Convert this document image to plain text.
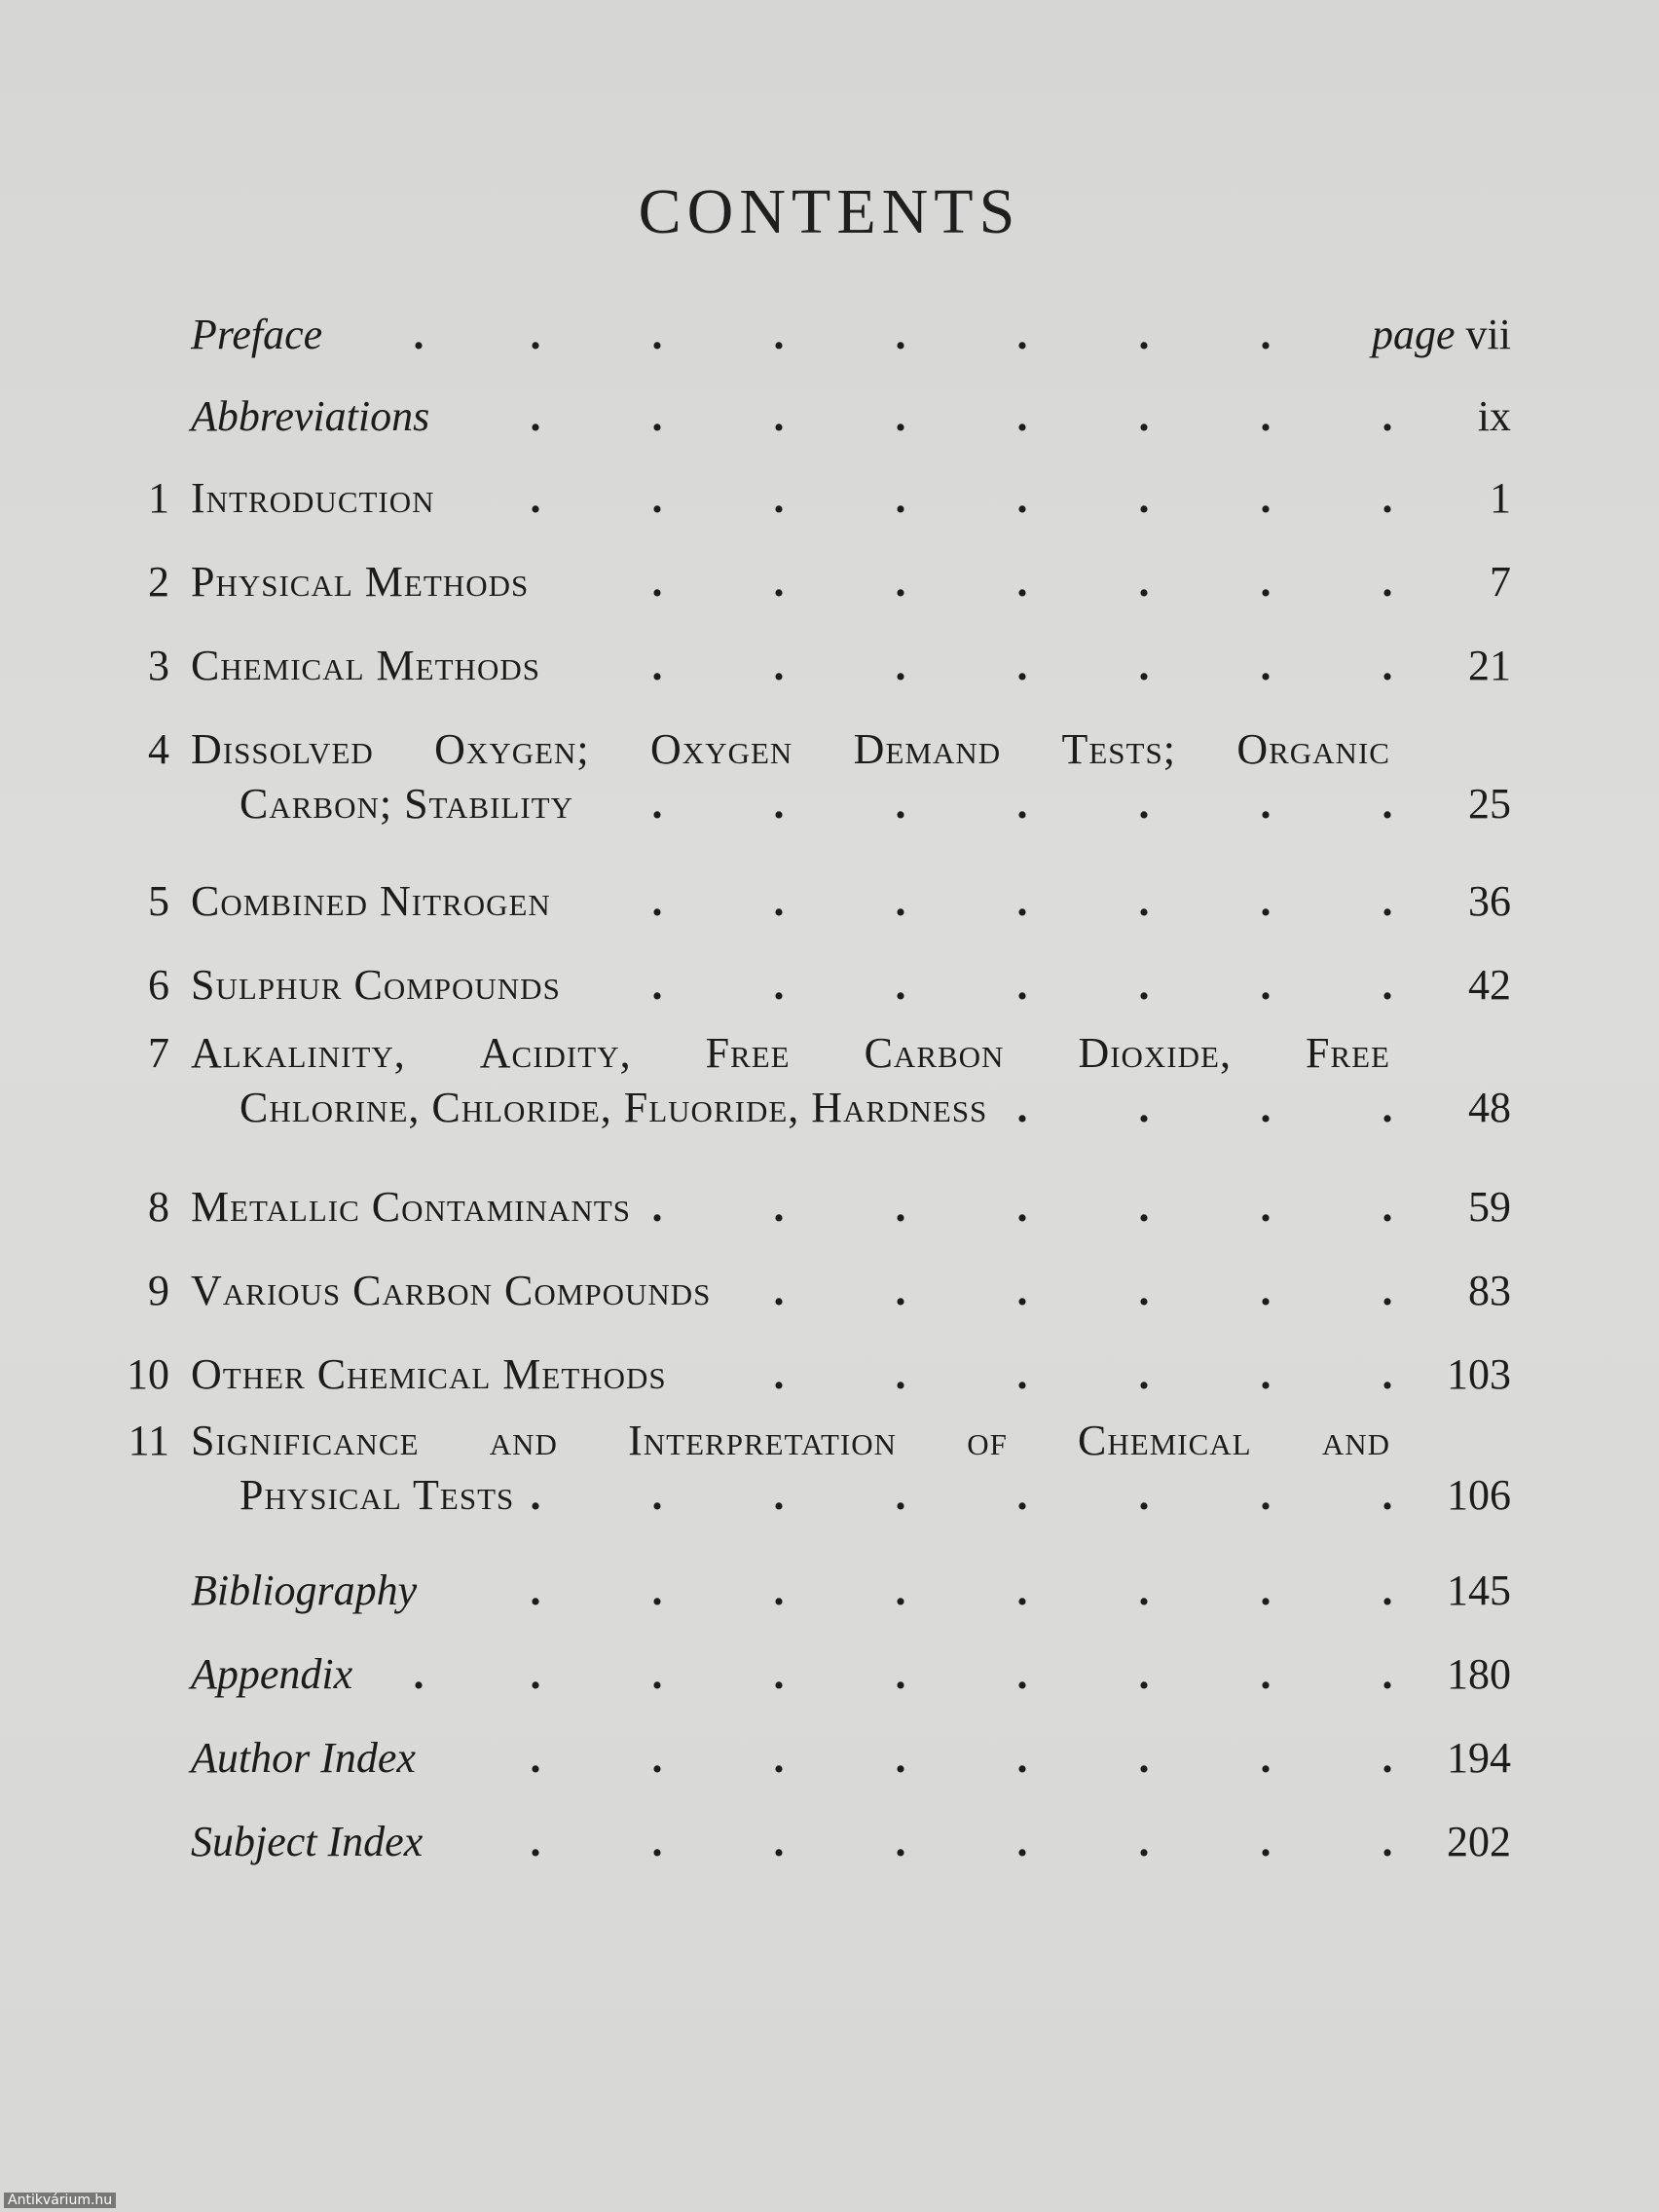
CONTENTS
Preface	page vii
. .	.	.	.	.	.	.
Abbreviations	ix
.	.	.	.	.	.	.	.
1 Introduction	1
.	.	.	.	.	.	.	.
2 Physical Methods	7
.	.	.	.	.	.	.
3 Chemical Methods	21
.	.	.	.	.	.	.
4 Dissolved Oxygen; Oxygen Demand Tests; Organic
Carbon; Stability	25
.	.	.	.	.	.	.
5 Combined Nitrogen	36
.	.	.	.	.	.	.
6 Sulphur Compounds	42
.	.	.	.	.	.	.
7 Alkalinity, Acidity, Free Carbon Dioxide, Free
Chlorine, Chloride, Fluoride, Hardness	48
.	.	.	.
8 Metallic Contaminants	59
.	.	.	.	.	.	.
9 Various Carbon Compounds	83
.	.	.	.	.	.
10 Other Chemical Methods	103
.	.	.	.	.	.
11 Significance and Interpretation of Chemical and
Physical Tests	106
.	.	.	.	.	.	.	.
Bibliography	145
.	.	.	.	.	.	.	.
Appendix	180
. .	.	.	.	.	.	.	.
Author Index	194
.	.	.	.	.	.	.	.
Subject Index	202
.	.	.	.	.	.	.	.
Antikvárium.hu
